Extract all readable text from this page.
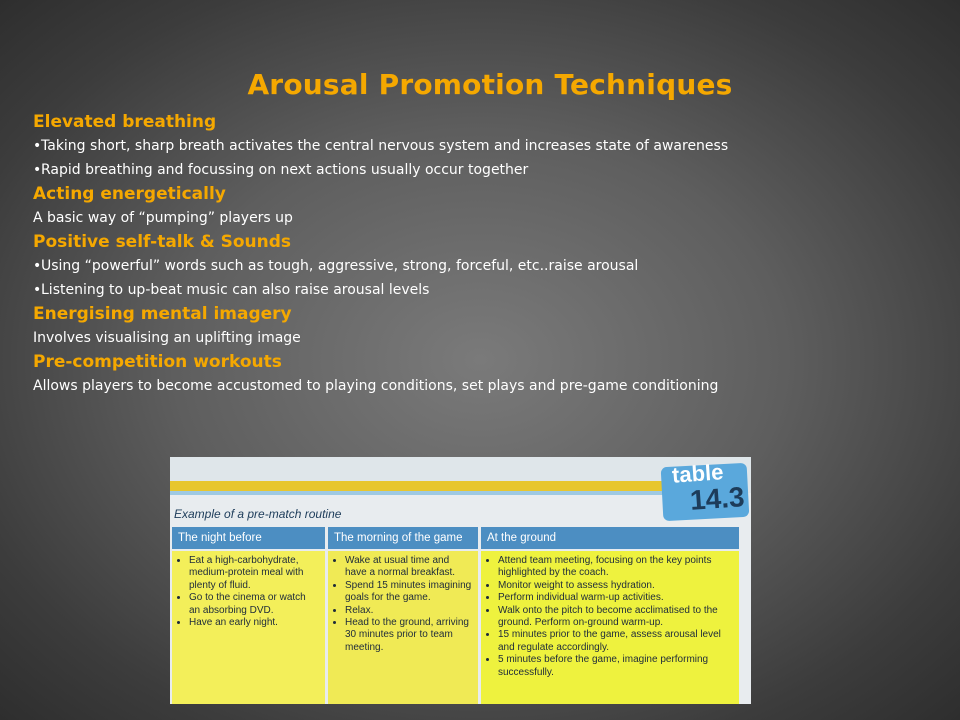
Arousal Promotion Techniques
Elevated breathing
•Taking short, sharp breath activates the central nervous system and increases state of awareness
•Rapid breathing and focussing on next actions usually occur together
Acting energetically
A basic way of “pumping” players up
Positive self-talk & Sounds
•Using “powerful” words such as tough, aggressive, strong, forceful, etc..raise arousal
•Listening to up-beat music can also raise arousal levels
Energising mental imagery
Involves visualising an uplifting image
Pre-competition workouts
Allows players to become accustomed to playing conditions, set plays and pre-game conditioning
table
14.3
Example of a pre-match routine
The night before	The morning of the game	At the ground
• Eat a high-carbohydrate, medium-protein meal with plenty of fluid.
• Go to the cinema or watch an absorbing DVD.
• Have an early night.
• Wake at usual time and have a normal breakfast.
• Spend 15 minutes imagining goals for the game.
• Relax.
• Head to the ground, arriving 30 minutes prior to team meeting.
• Attend team meeting, focusing on the key points highlighted by the coach.
• Monitor weight to assess hydration.
• Perform individual warm-up activities.
• Walk onto the pitch to become acclimatised to the ground. Perform on-ground warm-up.
• 15 minutes prior to the game, assess arousal level and regulate accordingly.
• 5 minutes before the game, imagine performing successfully.
